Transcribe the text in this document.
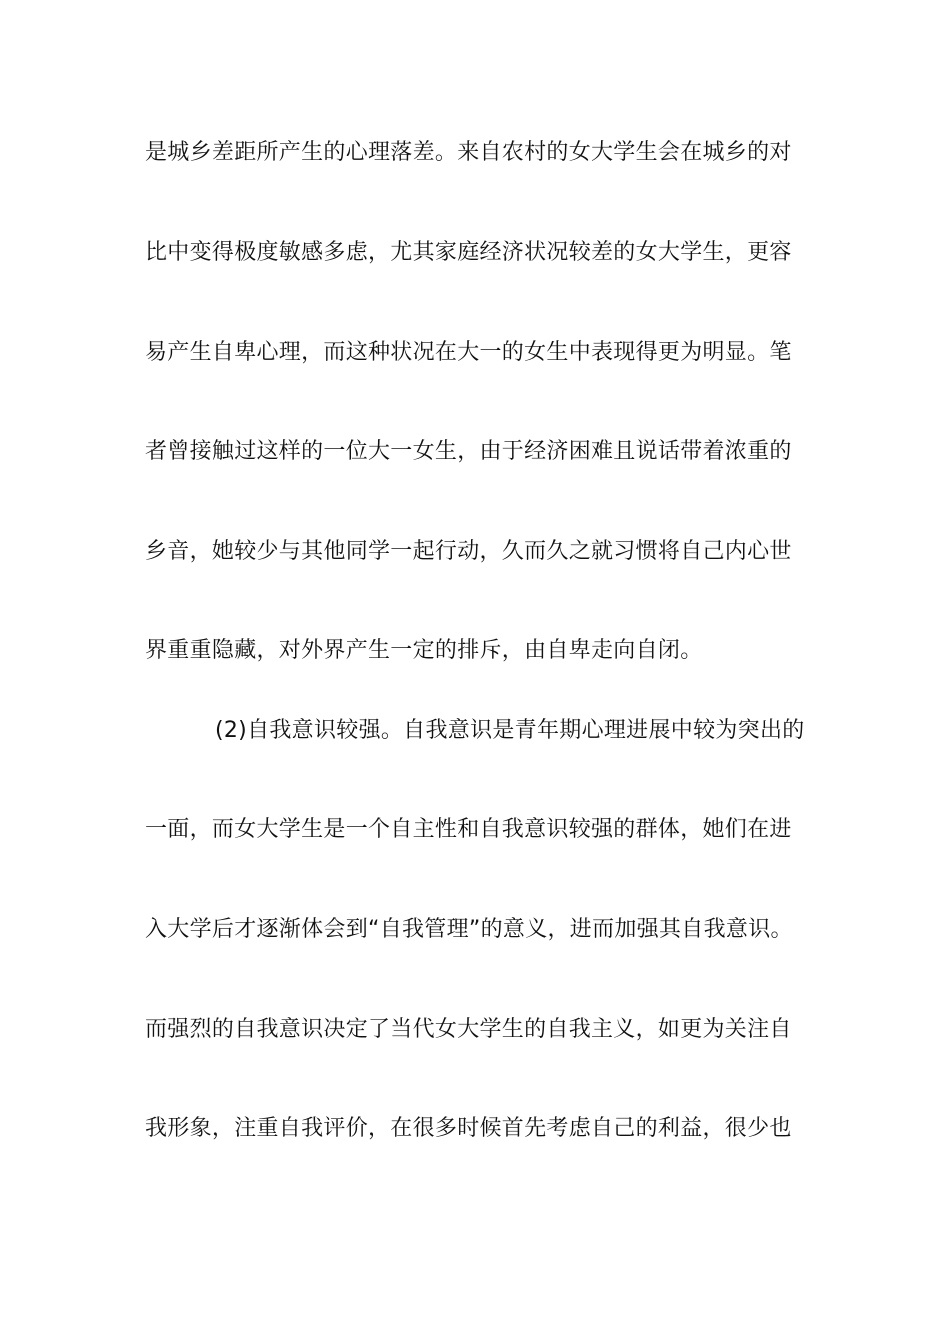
是城乡差距所产生的心理落差。来自农村的女大学生会在城乡的对
比中变得极度敏感多虑，尤其家庭经济状况较差的女大学生，更容
易产生自卑心理，而这种状况在大一的女生中表现得更为明显。笔
者曾接触过这样的一位大一女生，由于经济困难且说话带着浓重的
乡音，她较少与其他同学一起行动，久而久之就习惯将自己内心世
界重重隐藏，对外界产生一定的排斥，由自卑走向自闭。
(2)自我意识较强。自我意识是青年期心理进展中较为突出的
一面，而女大学生是一个自主性和自我意识较强的群体，她们在进
入大学后才逐渐体会到“自我管理”的意义，进而加强其自我意识。
而强烈的自我意识决定了当代女大学生的自我主义，如更为关注自
我形象，注重自我评价，在很多时候首先考虑自己的利益，很少也
